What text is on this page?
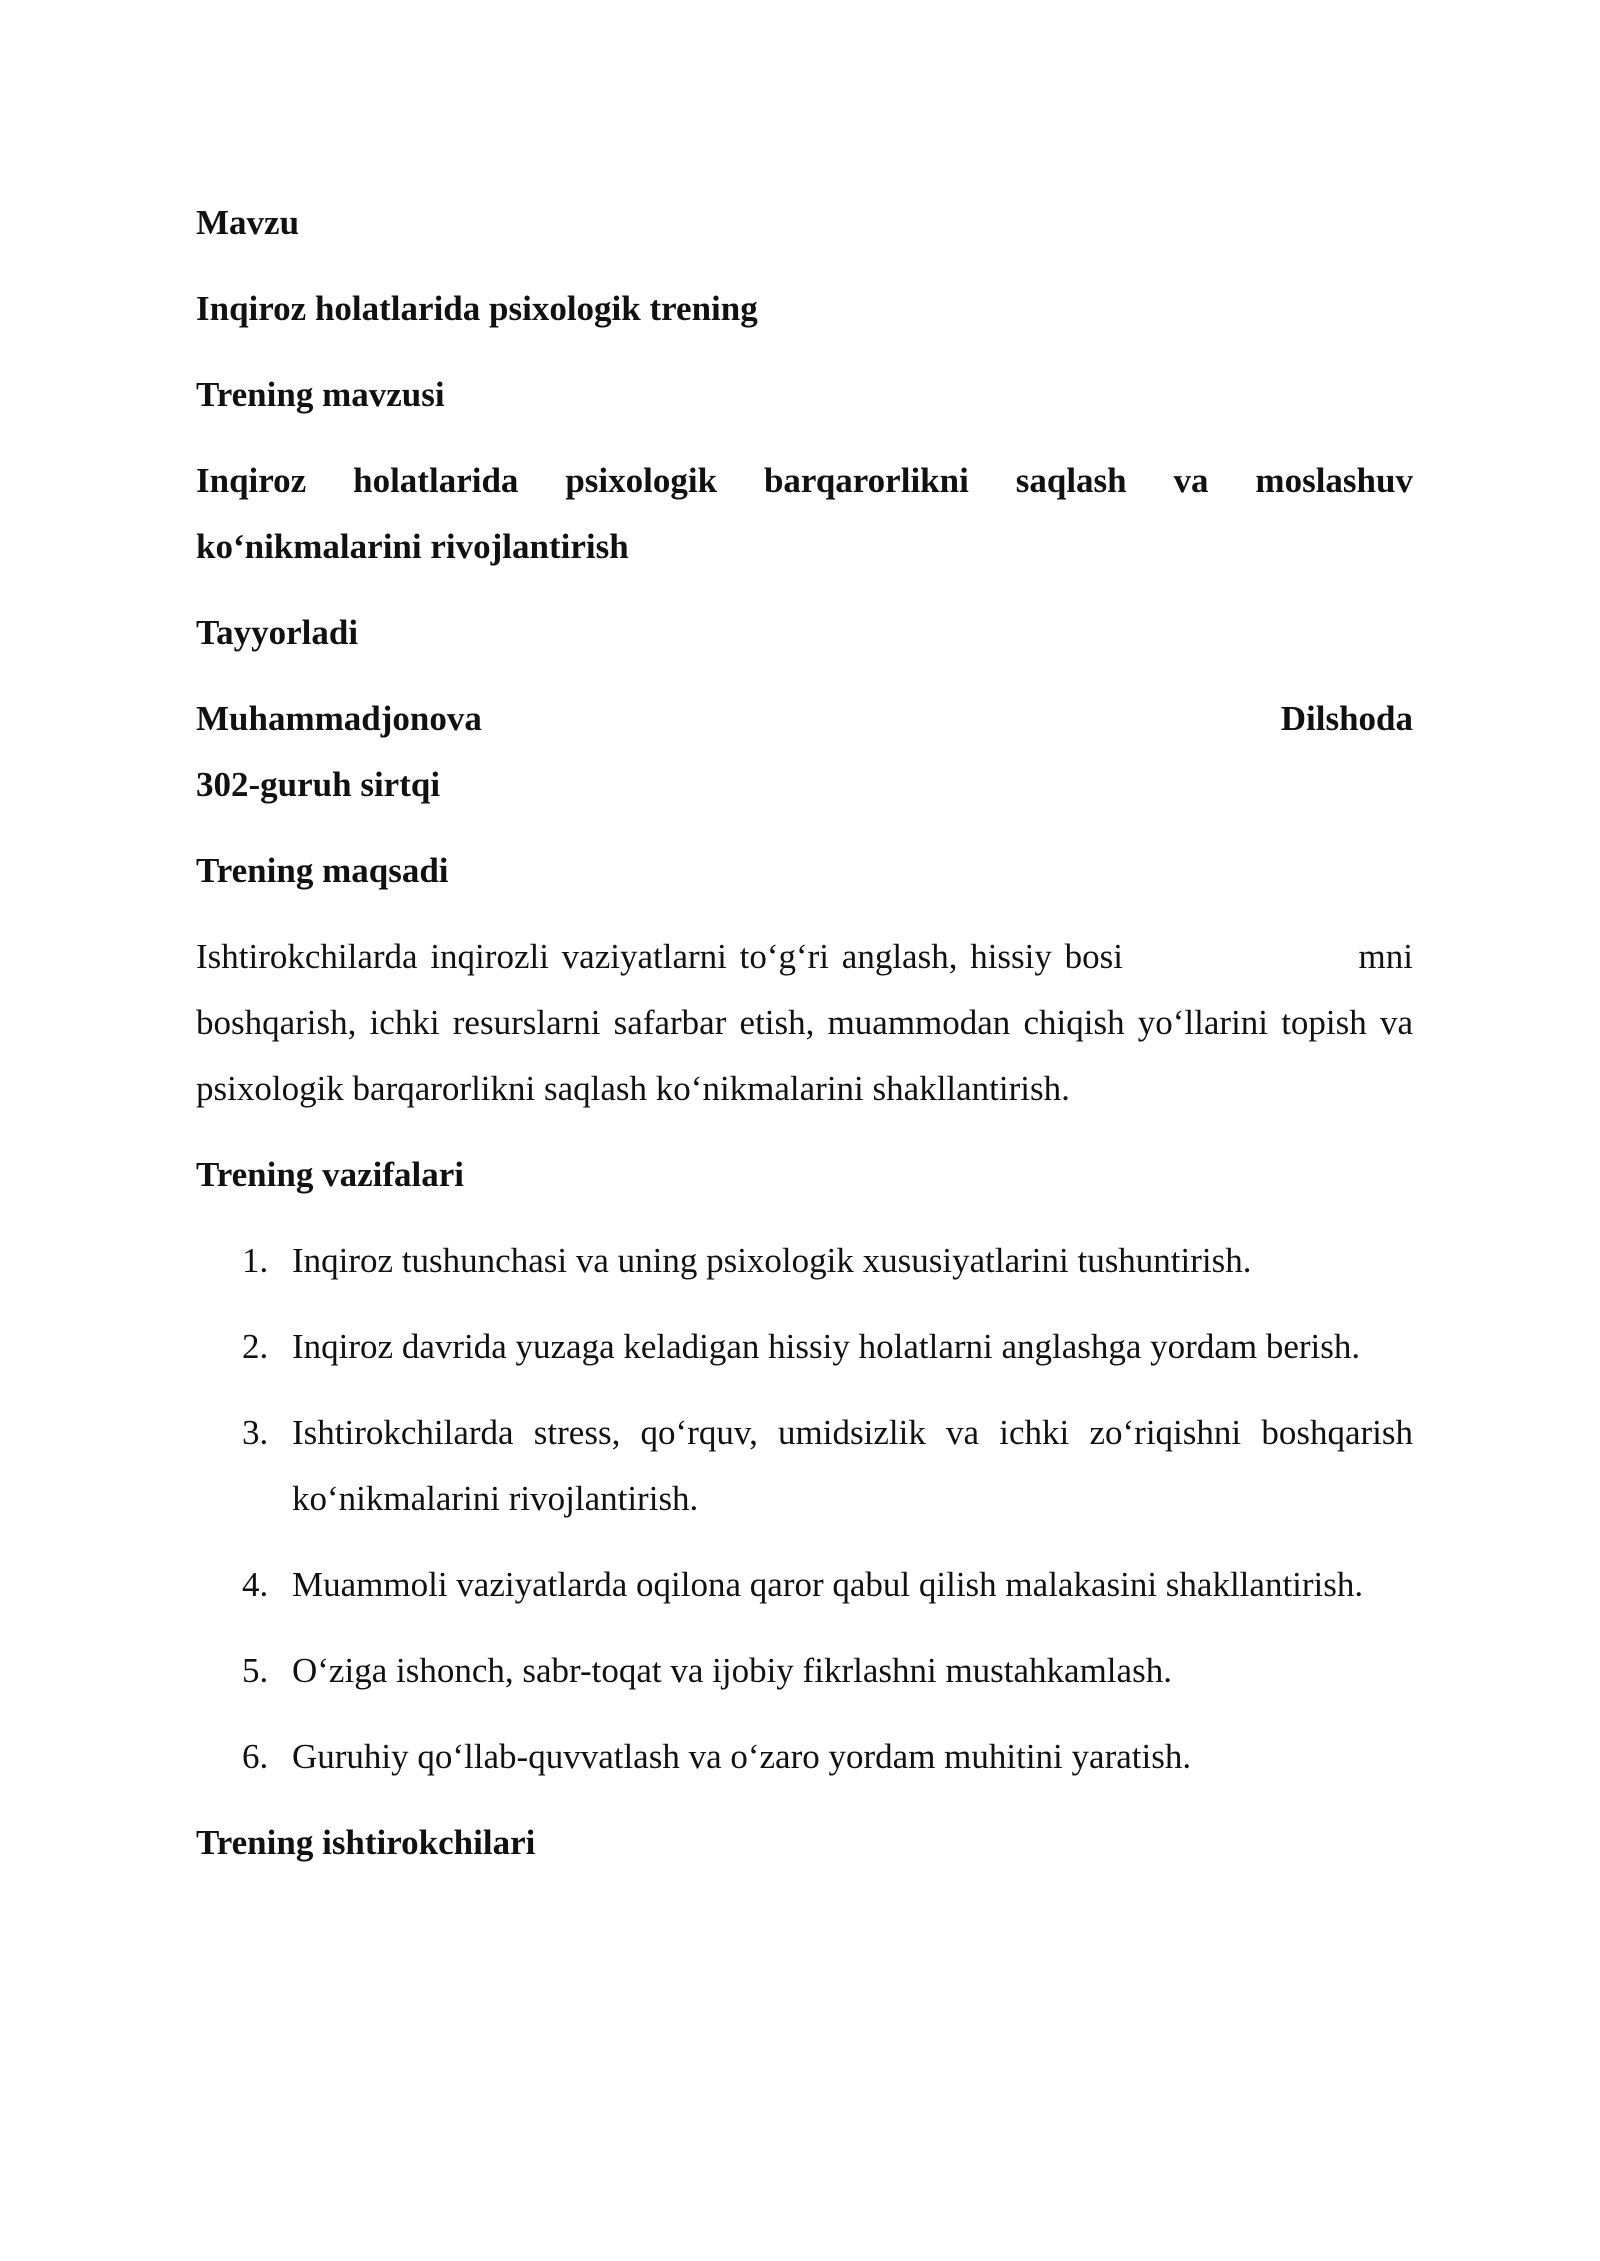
Mavzu

Inqiroz holatlarida psixologik trening

Trening mavzusi

Inqiroz holatlarida psixologik barqarorlikni saqlash va moslashuv ko‘nikmalarini rivojlantirish

Tayyorladi

Muhammadjonova	Dilshoda

302-guruh sirtqi

Trening maqsadi

Ishtirokchilarda inqirozli vaziyatlarni to‘g‘ri anglash, hissiy bosi	mni
boshqarish, ichki resurslarni safarbar etish, muammodan chiqish yo‘llarini topish va psixologik barqarorlikni saqlash ko‘nikmalarini shakllantirish.

Trening vazifalari

1. Inqiroz tushunchasi va uning psixologik xususiyatlarini tushuntirish.
2. Inqiroz davrida yuzaga keladigan hissiy holatlarni anglashga yordam berish.
3. Ishtirokchilarda stress, qo‘rquv, umidsizlik va ichki zo‘riqishni boshqarish ko‘nikmalarini rivojlantirish.
4. Muammoli vaziyatlarda oqilona qaror qabul qilish malakasini shakllantirish.
5. O‘ziga ishonch, sabr-toqat va ijobiy fikrlashni mustahkamlash.
6. Guruhiy qo‘llab-quvvatlash va o‘zaro yordam muhitini yaratish.

Trening ishtirokchilari
